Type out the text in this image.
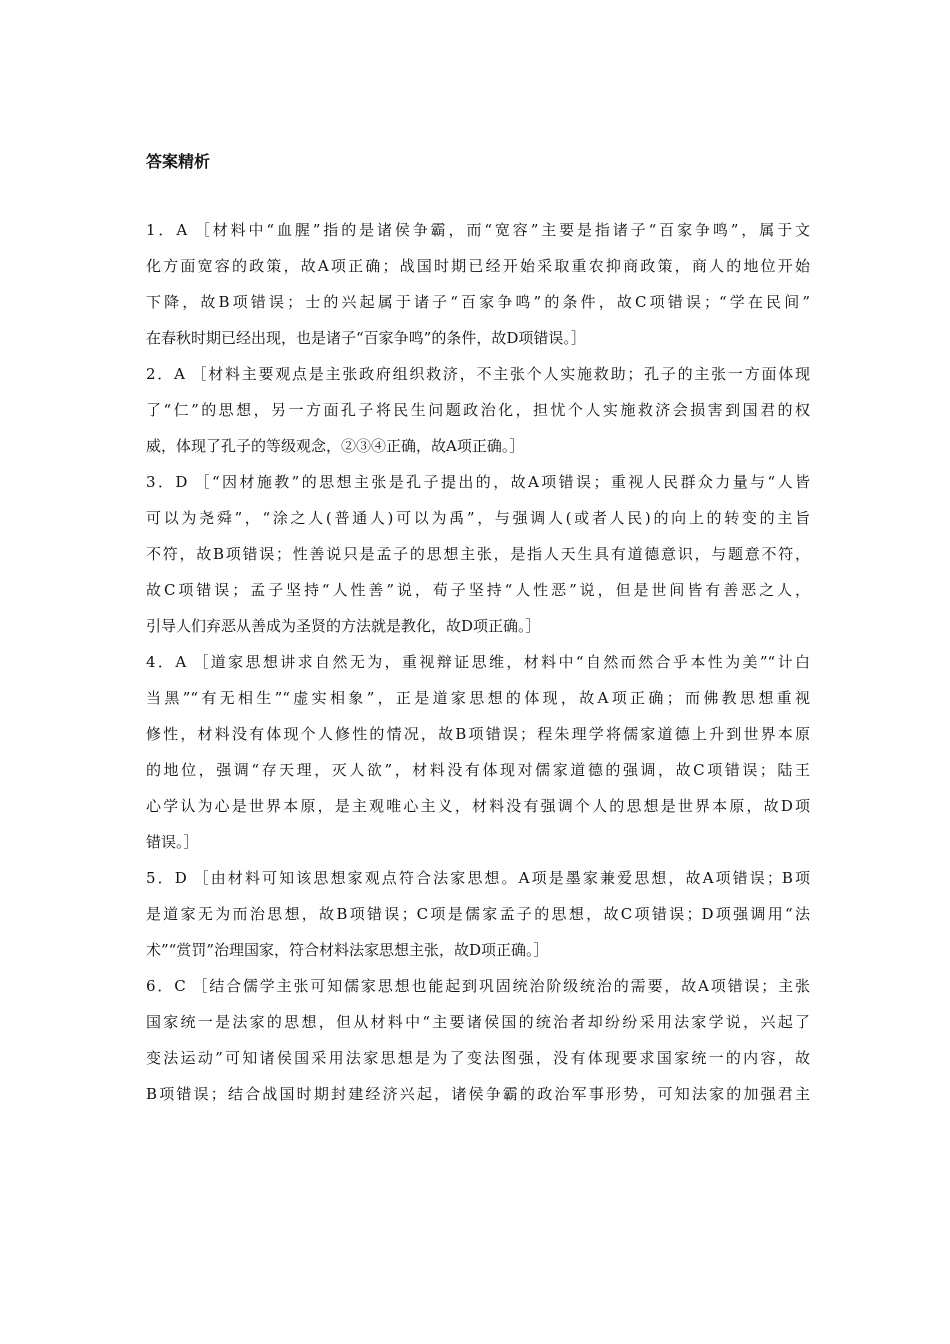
答案精析

1．A ［材料中“血腥”指的是诸侯争霸，而“宽容”主要是指诸子“百家争鸣”，属于文

化方面宽容的政策，故A项正确；战国时期已经开始采取重农抑商政策，商人的地位开始

下降，故B项错误；士的兴起属于诸子“百家争鸣”的条件，故C项错误；“学在民间”

在春秋时期已经出现，也是诸子“百家争鸣”的条件，故D项错误。］

2．A ［材料主要观点是主张政府组织救济，不主张个人实施救助；孔子的主张一方面体现

了“仁”的思想，另一方面孔子将民生问题政治化，担忧个人实施救济会损害到国君的权

威，体现了孔子的等级观念，②③④正确，故A项正确。］

3．D ［“因材施教”的思想主张是孔子提出的，故A项错误；重视人民群众力量与“人皆

可以为尧舜”，“涂之人(普通人)可以为禹”，与强调人(或者人民)的向上的转变的主旨

不符，故B项错误；性善说只是孟子的思想主张，是指人天生具有道德意识，与题意不符，

故C项错误；孟子坚持“人性善”说，荀子坚持“人性恶”说，但是世间皆有善恶之人，

引导人们弃恶从善成为圣贤的方法就是教化，故D项正确。］

4．A ［道家思想讲求自然无为，重视辩证思维，材料中“自然而然合乎本性为美”“计白

当黑”“有无相生”“虚实相象”，正是道家思想的体现，故A项正确；而佛教思想重视

修性，材料没有体现个人修性的情况，故B项错误；程朱理学将儒家道德上升到世界本原

的地位，强调“存天理，灭人欲”，材料没有体现对儒家道德的强调，故C项错误；陆王

心学认为心是世界本原，是主观唯心主义，材料没有强调个人的思想是世界本原，故D项

错误。］

5．D ［由材料可知该思想家观点符合法家思想。A项是墨家兼爱思想，故A项错误；B项

是道家无为而治思想，故B项错误；C项是儒家孟子的思想，故C项错误；D项强调用“法

术”“赏罚”治理国家，符合材料法家思想主张，故D项正确。］

6．C ［结合儒学主张可知儒家思想也能起到巩固统治阶级统治的需要，故A项错误；主张

国家统一是法家的思想，但从材料中“主要诸侯国的统治者却纷纷采用法家学说，兴起了

变法运动”可知诸侯国采用法家思想是为了变法图强，没有体现要求国家统一的内容，故

B项错误；结合战国时期封建经济兴起，诸侯争霸的政治军事形势，可知法家的加强君主
